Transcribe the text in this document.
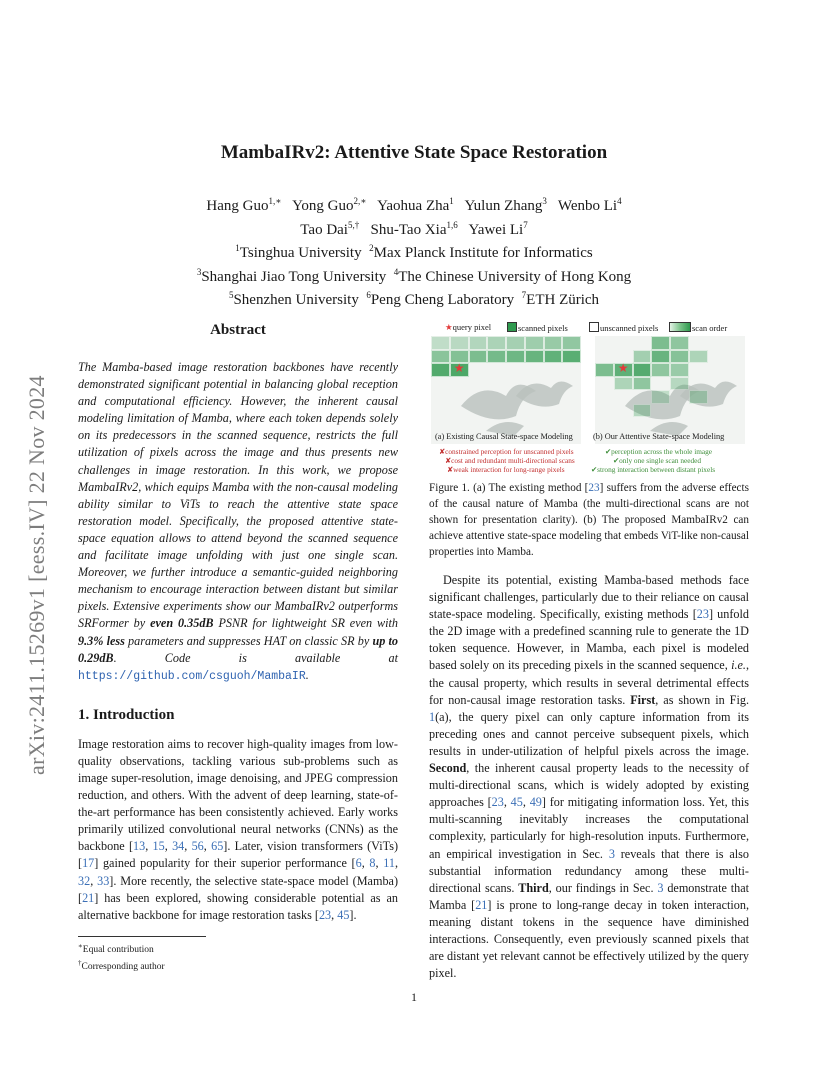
arXiv:2411.15269v1 [eess.IV] 22 Nov 2024
MambaIRv2: Attentive State Space Restoration
Hang Guo$^{1,∗}$ Yong Guo$^{2,∗}$ Yaohua Zha$^1$ Yulun Zhang$^3$ Wenbo Li$^4$
Tao Dai$^{5,\dagger}$ Shu-Tao Xia$^{1,6}$ Yawei Li$^7$
$^1$Tsinghua University $^2$Max Planck Institute for Informatics
$^3$Shanghai Jiao Tong University $^4$The Chinese University of Hong Kong
$^5$Shenzhen University $^6$Peng Cheng Laboratory $^7$ETH Zürich
Abstract

The Mamba-based image restoration backbones have recently demonstrated significant potential in balancing global reception and computational efficiency. However, the inherent causal modeling limitation of Mamba, where each token depends solely on its predecessors in the scanned sequence, restricts the full utilization of pixels across the image and thus presents new challenges in image restoration. In this work, we propose MambaIRv2, which equips Mamba with the non-causal modeling ability similar to ViTs to reach the attentive state space restoration model. Specifically, the proposed attentive state-space equation allows to attend beyond the scanned sequence and facilitate image unfolding with just one single scan. Moreover, we further introduce a semantic-guided neighboring mechanism to encourage interaction between distant but similar pixels. Extensive experiments show our MambaIRv2 outperforms SRFormer by even 0.35dB PSNR for lightweight SR even with 9.3% less parameters and suppresses HAT on classic SR by up to 0.29dB. Code is available at https://github.com/csguoh/MambaIR.

1. Introduction

Image restoration aims to recover high-quality images from low-quality observations, tackling various sub-problems such as image super-resolution, image denoising, and JPEG compression reduction, and others. With the advent of deep learning, state-of-the-art performance has been consistently achieved. Early works primarily utilized convolutional neural networks (CNNs) as the backbone [13, 15, 34, 56, 65]. Later, vision transformers (ViTs) [17] gained popularity for their superior performance [6, 8, 11, 32, 33]. More recently, the selective state-space model (Mamba) [21] has been explored, showing considerable potential as an alternative backbone for image restoration tasks [23, 45].

∗Equal contribution
†Corresponding author
★query pixel	scanned pixels	unscanned pixels	scan order
★	★
(a) Existing Causal State-space Modeling (b) Our Attentive State-space Modeling
✘constrained perception for unscanned pixels
✘cost and redundant multi-directional scans
✘weak interaction for long-range pixels
✔perception across the whole image
✔only one single scan needed
✔strong interaction between distant pixels
Figure 1. (a) The existing method [23] suffers from the adverse effects of the causal nature of Mamba (the multi-directional scans are not shown for presentation clarity). (b) The proposed MambaIRv2 can achieve attentive state-space modeling that embeds ViT-like non-causal properties into Mamba.

Despite its potential, existing Mamba-based methods face significant challenges, particularly due to their reliance on causal state-space modeling. Specifically, existing methods [23] unfold the 2D image with a predefined scanning rule to generate the 1D token sequence. However, in Mamba, each pixel is modeled based solely on its preceding pixels in the scanned sequence, i.e., the causal property, which results in several detrimental effects for non-causal image restoration tasks. First, as shown in Fig. 1(a), the query pixel can only capture information from its preceding ones and cannot perceive subsequent pixels, which results in under-utilization of helpful pixels across the image. Second, the inherent causal property leads to the necessity of multi-directional scans, which is widely adopted by existing approaches [23, 45, 49] for mitigating information loss. Yet, this multi-scanning inevitably increases the computational complexity, particularly for high-resolution inputs. Furthermore, an empirical investigation in Sec. 3 reveals that there is also substantial information redundancy among these multi-directional scans. Third, our findings in Sec. 3 demonstrate that Mamba [21] is prone to long-range decay in token interaction, meaning distant tokens in the sequence have diminished interactions. Consequently, even previously scanned pixels that are distant yet relevant cannot be effectively utilized by the query pixel.

1
